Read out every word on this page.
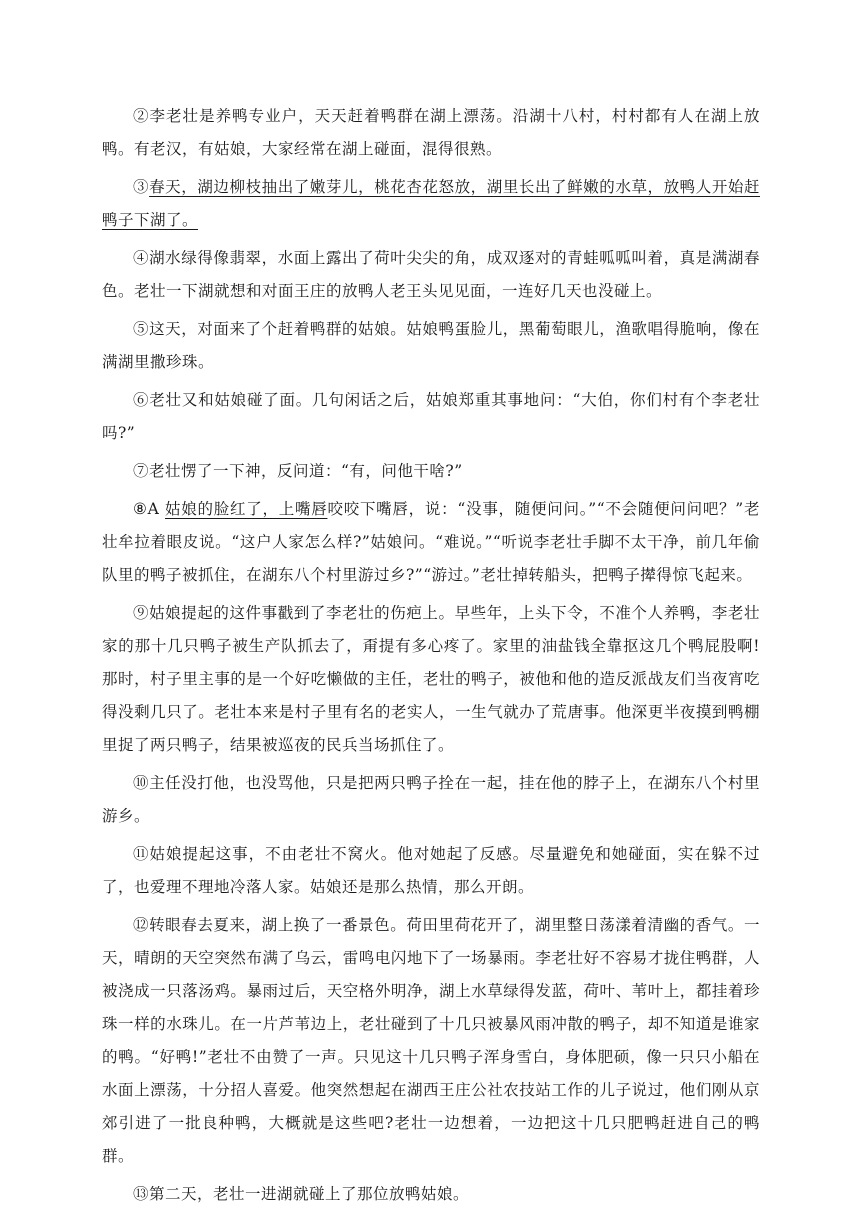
②李老壮是养鸭专业户，天天赶着鸭群在湖上漂荡。沿湖十八村，村村都有人在湖上放鸭。有老汉，有姑娘，大家经常在湖上碰面，混得很熟。

③春天，湖边柳枝抽出了嫩芽儿，桃花杏花怒放，湖里长出了鲜嫩的水草，放鸭人开始赶鸭子下湖了。

④湖水绿得像翡翠，水面上露出了荷叶尖尖的角，成双逐对的青蛙呱呱叫着，真是满湖春色。老壮一下湖就想和对面王庄的放鸭人老王头见见面，一连好几天也没碰上。

⑤这天，对面来了个赶着鸭群的姑娘。姑娘鸭蛋脸儿，黑葡萄眼儿，渔歌唱得脆响，像在满湖里撒珍珠。

⑥老壮又和姑娘碰了面。几句闲话之后，姑娘郑重其事地问：“大伯，你们村有个李老壮吗?”

⑦老壮愣了一下神，反问道：“有，问他干啥?”

⑧A 姑娘的脸红了，上嘴唇咬咬下嘴唇，说：“没事，随便问问。”“不会随便问问吧？”老壮牟拉着眼皮说。“这户人家怎么样?”姑娘问。“难说。”“听说李老壮手脚不太干净，前几年偷队里的鸭子被抓住，在湖东八个村里游过乡?”“游过。”老壮掉转船头，把鸭子撵得惊飞起来。

⑨姑娘提起的这件事戳到了李老壮的伤疤上。早些年，上头下令，不准个人养鸭，李老壮家的那十几只鸭子被生产队抓去了，甭提有多心疼了。家里的油盐钱全靠抠这几个鸭屁股啊!那时，村子里主事的是一个好吃懒做的主任，老壮的鸭子，被他和他的造反派战友们当夜宵吃得没剩几只了。老壮本来是村子里有名的老实人，一生气就办了荒唐事。他深更半夜摸到鸭棚里捉了两只鸭子，结果被巡夜的民兵当场抓住了。

⑩主任没打他，也没骂他，只是把两只鸭子拴在一起，挂在他的脖子上，在湖东八个村里游乡。

⑪姑娘提起这事，不由老壮不窝火。他对她起了反感。尽量避免和她碰面，实在躲不过了，也爱理不理地冷落人家。姑娘还是那么热情，那么开朗。

⑫转眼春去夏来，湖上换了一番景色。荷田里荷花开了，湖里整日荡漾着清幽的香气。一天，晴朗的天空突然布满了乌云，雷鸣电闪地下了一场暴雨。李老壮好不容易才拢住鸭群，人被浇成一只落汤鸡。暴雨过后，天空格外明净，湖上水草绿得发蓝，荷叶、苇叶上，都挂着珍珠一样的水珠儿。在一片芦苇边上，老壮碰到了十几只被暴风雨冲散的鸭子，却不知道是谁家的鸭。“好鸭!”老壮不由赞了一声。只见这十几只鸭子浑身雪白，身体肥硕，像一只只小船在水面上漂荡，十分招人喜爱。他突然想起在湖西王庄公社农技站工作的儿子说过，他们刚从京郊引进了一批良种鸭，大概就是这些吧?老壮一边想着，一边把这十几只肥鸭赶进自己的鸭群。

⑬第二天，老壮一进湖就碰上了那位放鸭姑娘。
